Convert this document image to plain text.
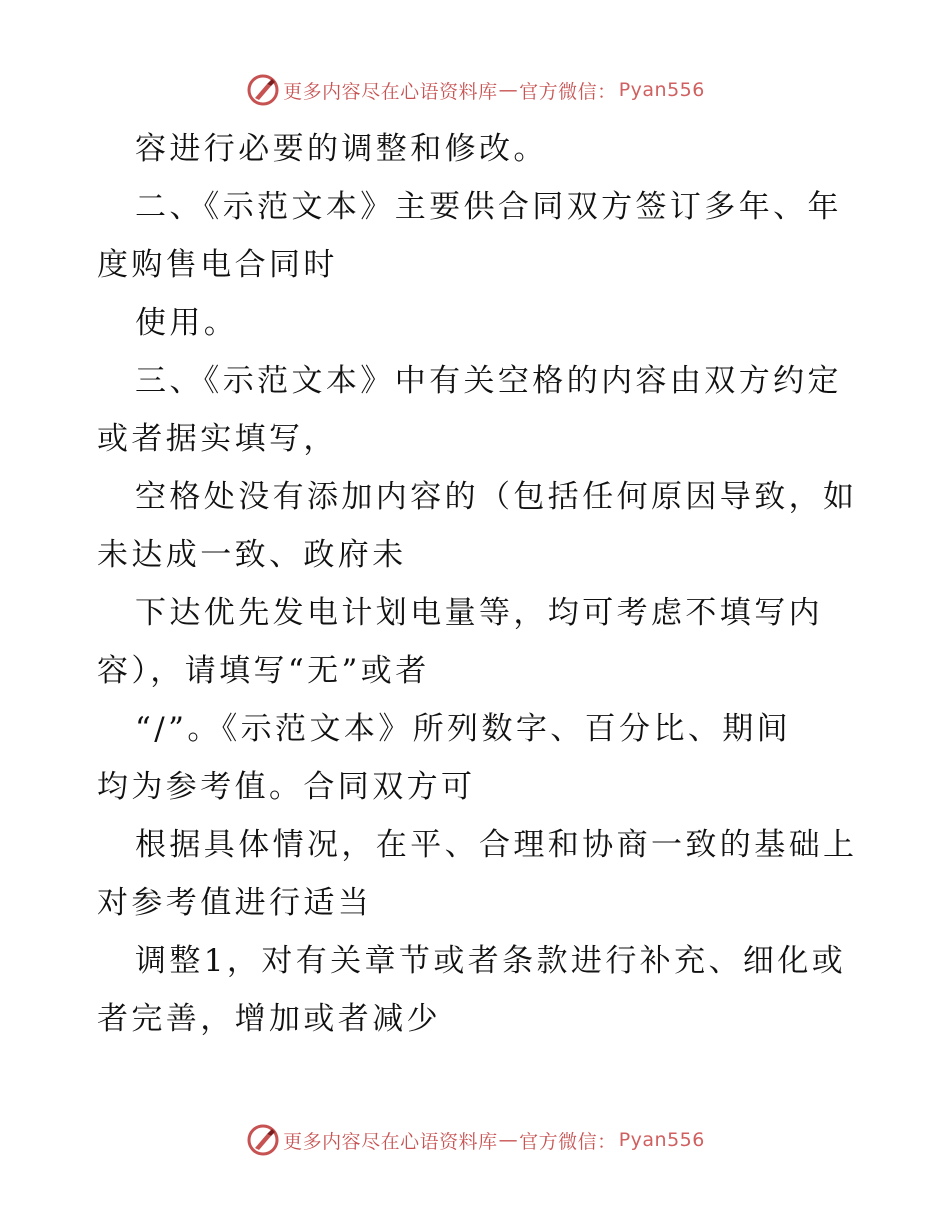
更多内容尽在心语资料库 — 官方微信： Pyan556

容进行必要的调整和修改。

二、《示范文本》主要供合同双方签订多年、年
度购售电合同时

使用。

三、《示范文本》中有关空格的内容由双方约定
或者据实填写，

空格处没有添加内容的（包括任何原因导致，如
未达成一致、政府未

下达优先发电计划电量等，均可考虑不填写内
容），请填写“无”或者

“/”。《示范文本》所列数字、百分比、期间
均为参考值。合同双方可

根据具体情况，在平、合理和协商一致的基础上
对参考值进行适当

调整1，对有关章节或者条款进行补充、细化或
者完善，增加或者减少

更多内容尽在心语资料库 — 官方微信： Pyan556
